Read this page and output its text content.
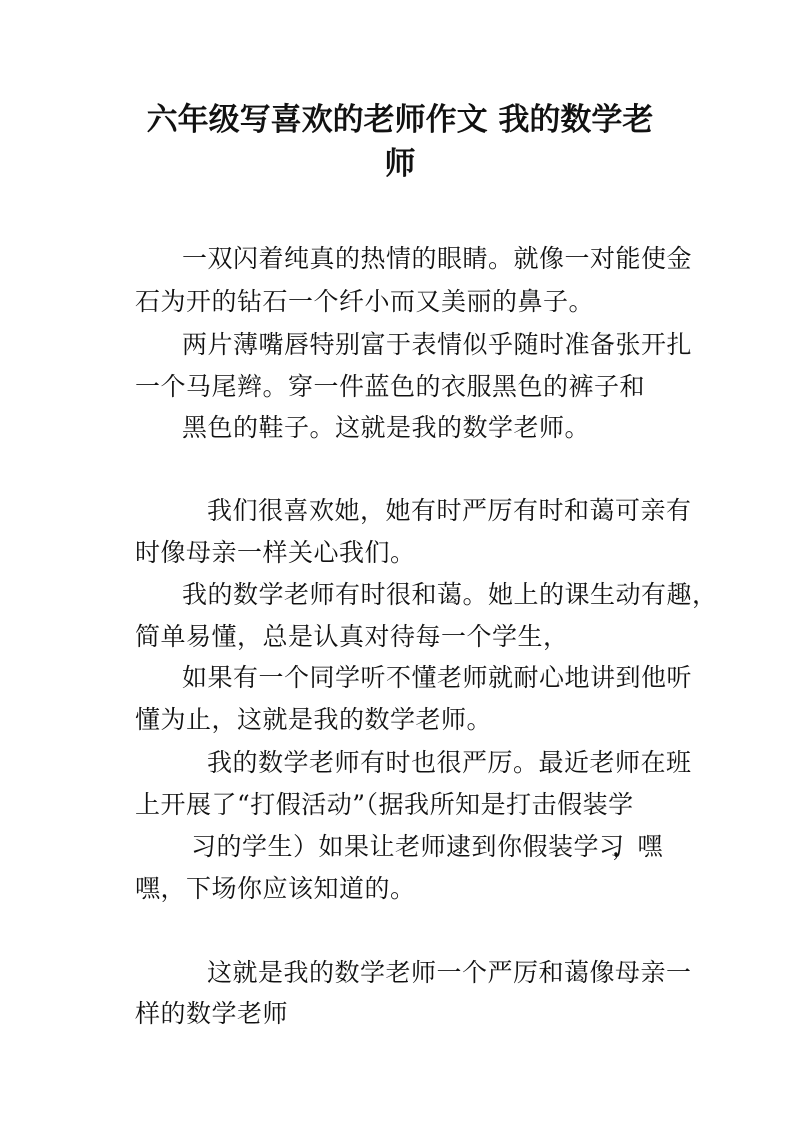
六年级写喜欢的老师作文 我的数学老
师
一双闪着纯真的热情的眼睛。就像一对能使金
石为开的钻石一个纤小而又美丽的鼻子。
两片薄嘴唇特别富于表情似乎随时准备张开扎
一个马尾辫。穿一件蓝色的衣服黑色的裤子和
黑色的鞋子。这就是我的数学老师。
我们很喜欢她，她有时严厉有时和蔼可亲有
时像母亲一样关心我们。
我的数学老师有时很和蔼。她上的课生动有趣，
简单易懂，总是认真对待每一个学生，
如果有一个同学听不懂老师就耐心地讲到他听
懂为止，这就是我的数学老师。
我的数学老师有时也很严厉。最近老师在班
上开展了“打假活动”（据我所知是打击假装学
习的学生）如果让老师逮到你假装学习
，嘿
嘿，下场你应该知道的。
这就是我的数学老师一个严厉和蔼像母亲一
样的数学老师
